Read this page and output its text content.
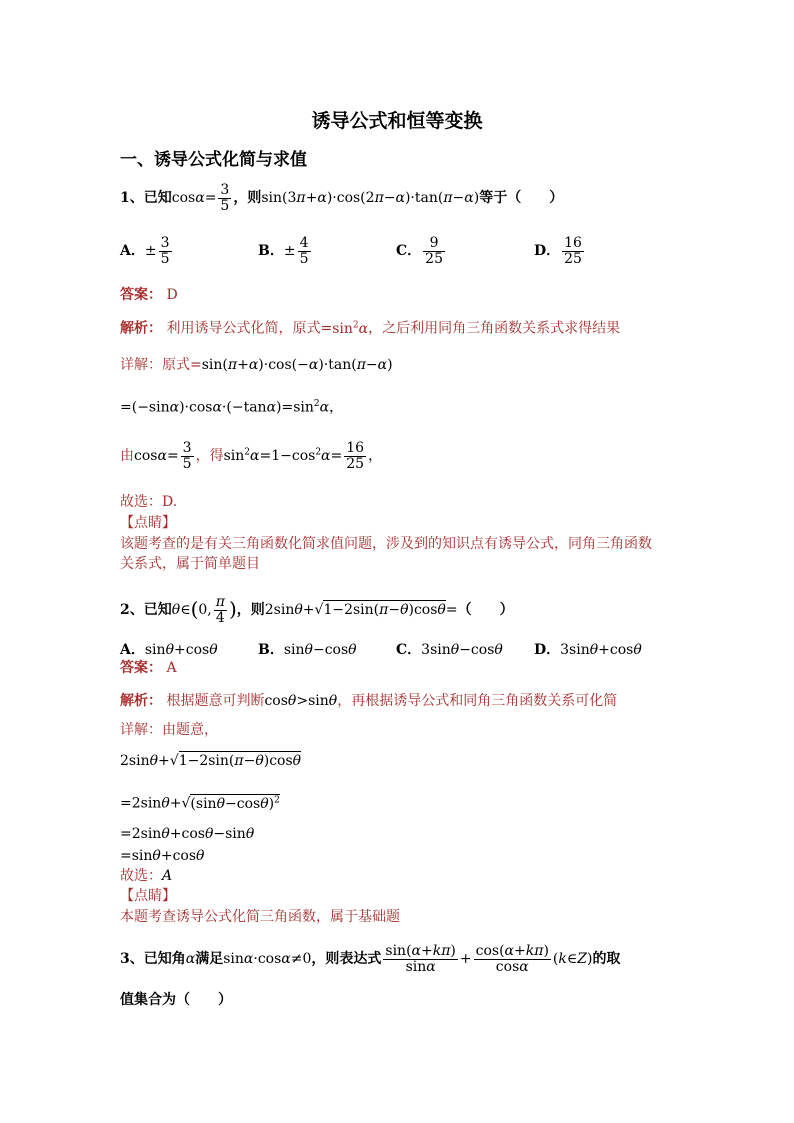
诱导公式和恒等变换
一、诱导公式化简与求值
1、已知$\cos\alpha= \frac{3}{5}$ ，则sin(3π+α)·cos(2π−α)·tan(π−α)等于（　　）
A．± $\frac{3}{5}$	B．± $\frac{4}{5}$	C． $\frac{9}{25}$	D． $\frac{16}{25}$
答案： D
解析： 利用诱导公式化简，原式$=\sin^2\alpha$，之后利用同角三角函数关系式求得结果
详解：原式=sin(π+α)·cos(−α)·tan(π−α)
$=(-\sin\alpha)\cdot\cos\alpha\cdot(-\tan\alpha)=\sin^2\alpha$，
由$\cos\alpha= \frac{3}{5}$ ，得$\sin^2\alpha=1-\cos^2\alpha= \frac{16}{25}$ ，
故选：D.
【点睛】
该题考查的是有关三角函数化简求值问题，涉及到的知识点有诱导公式，同角三角函数
关系式，属于简单题目
2、已知θ∈(0, $\frac{\pi}{4}$ )，则2sinθ+√1−2sin(π−θ)cosθ=（　　）
A．sinθ+cosθ	B．sinθ−cosθ	C．3sinθ−cosθ D．3sinθ+cosθ
答案： A
解析： 根据题意可判断cosθ>sinθ，再根据诱导公式和同角三角函数关系可化简
详解：由题意，
2sinθ+√1−2sin(π−θ)cosθ
$=2\sin\theta+√(\sin\theta-\cos\theta)^2$
=2sinθ+cosθ−sinθ
=sinθ+cosθ
故选：A
【点睛】
本题考查诱导公式化简三角函数，属于基础题
3、已知角α满足sinα·cosα≠0，则表达式 $\frac{\sin(\alpha+k\pi)}{\sin\alpha} + \frac{\cos(\alpha+k\pi)}{\cos\alpha}$ (k∈Z)的取
值集合为（　　）
